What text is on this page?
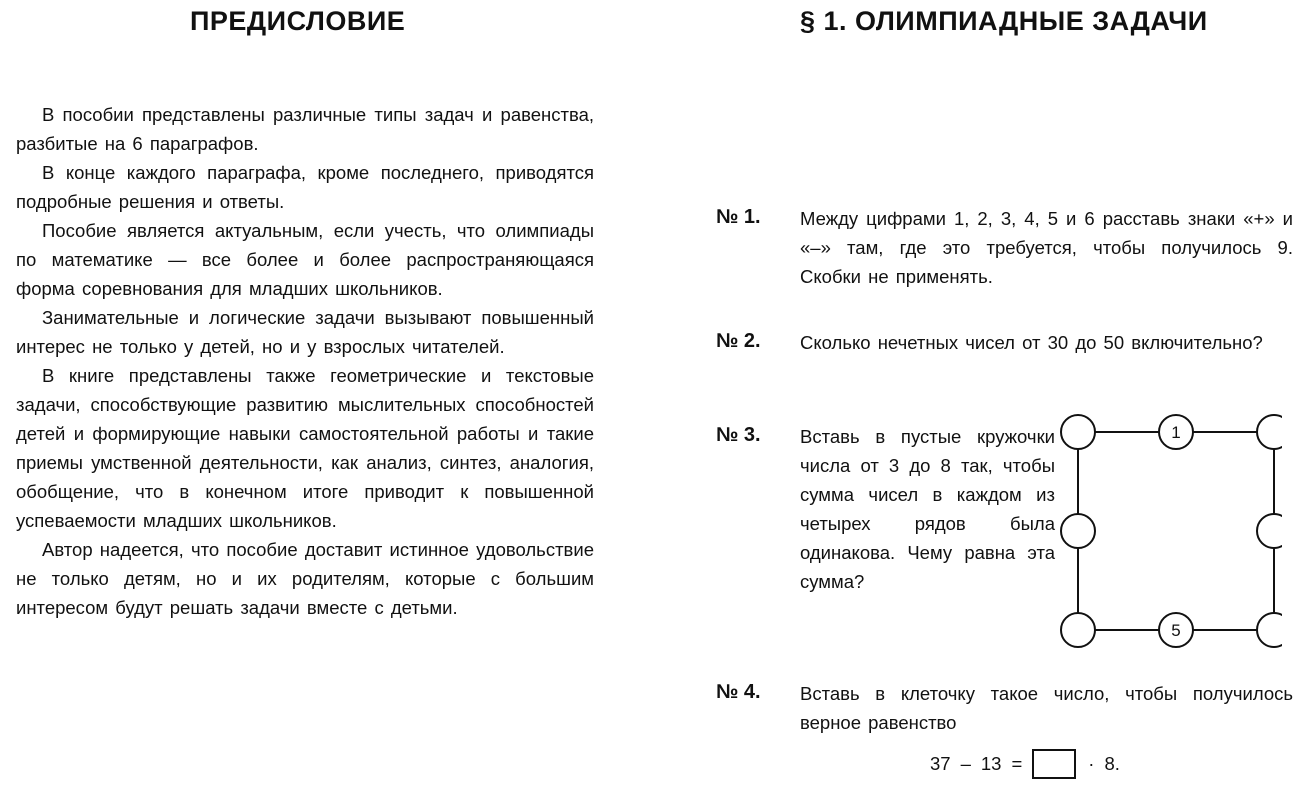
ПРЕДИСЛОВИЕ

В пособии представлены различные типы задач и равенства, разбитые на 6 параграфов.

В конце каждого параграфа, кроме последнего, приводятся подробные решения и ответы.

Пособие является актуальным, если учесть, что олимпиады по математике — все более и более распространяющаяся форма соревнования для младших школьников.

Занимательные и логические задачи вызывают повышенный интерес не только у детей, но и у взрослых читателей.

В книге представлены также геометрические и текстовые задачи, способствующие развитию мыслительных способностей детей и формирующие навыки самостоятельной работы и такие приемы умственной деятельности, как анализ, синтез, аналогия, обобщение, что в конечном итоге приводит к повышенной успеваемости младших школьников.

Автор надеется, что пособие доставит истинное удовольствие не только детям, но и их родителям, которые с большим интересом будут решать задачи вместе с детьми.

§ 1. ОЛИМПИАДНЫЕ ЗАДАЧИ
№ 1. Между цифрами 1, 2, 3, 4, 5 и 6 расставь знаки «+» и «–» там, где это требуется, чтобы получилось 9. Скобки не применять.

№ 2. Сколько нечетных чисел от 30 до 50 включительно?

№ 3. Вставь в пустые кружочки числа от 3 до 8 так, чтобы сумма чисел в каждом из четырех рядов была одинакова. Чему равна эта сумма?

1
5
№ 4. Вставь в клеточку такое число, чтобы получилось верное равенство

37 – 13 =	· 8.
